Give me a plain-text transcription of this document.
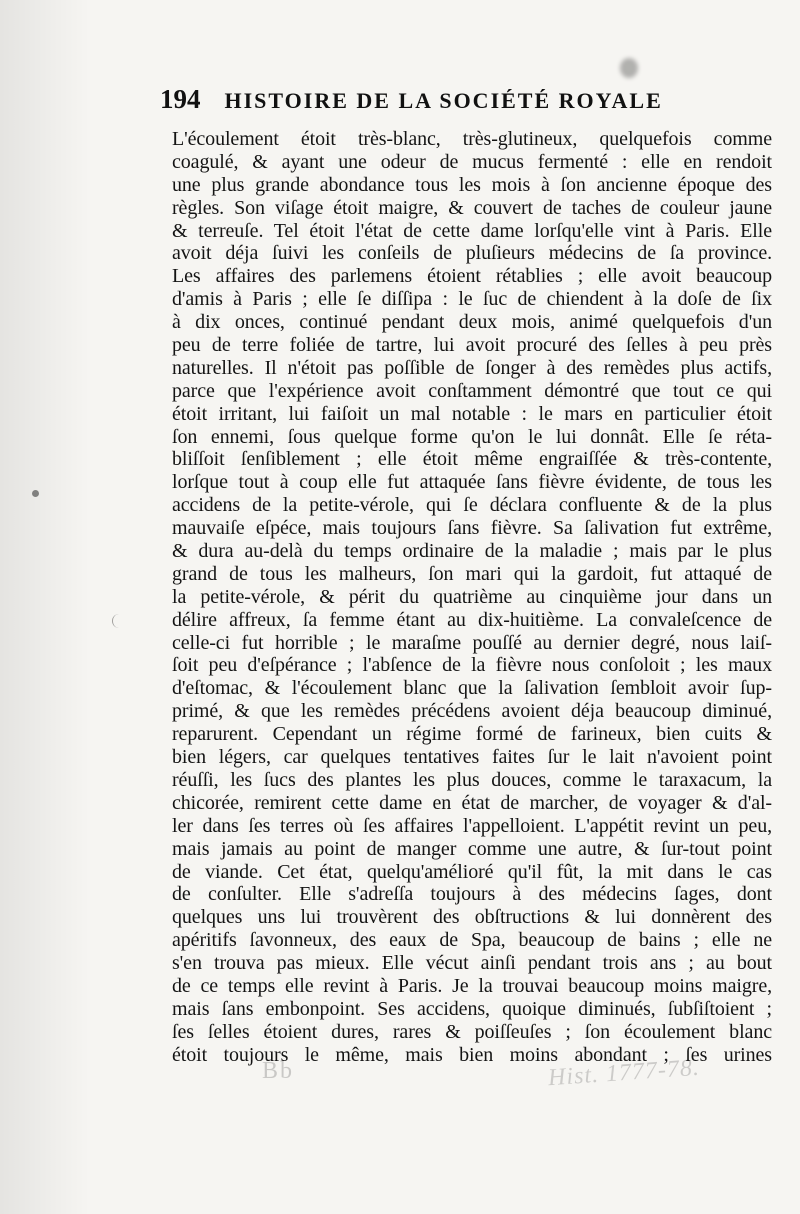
194 HISTOIRE DE LA SOCIÉTÉ ROYALE
L'écoulement étoit très-blanc, très-glutineux, quelquefois comme
coagulé, & ayant une odeur de mucus fermenté : elle en rendoit
une plus grande abondance tous les mois à ſon ancienne époque des
règles. Son viſage étoit maigre, & couvert de taches de couleur jaune
& terreuſe. Tel étoit l'état de cette dame lorſqu'elle vint à Paris. Elle
avoit déja ſuivi les conſeils de pluſieurs médecins de ſa province.
Les affaires des parlemens étoient rétablies ; elle avoit beaucoup
d'amis à Paris ; elle ſe diſſipa : le ſuc de chiendent à la doſe de ſix
à dix onces, continué pendant deux mois, animé quelquefois d'un
peu de terre foliée de tartre, lui avoit procuré des ſelles à peu près
naturelles. Il n'étoit pas poſſible de ſonger à des remèdes plus actifs,
parce que l'expérience avoit conſtamment démontré que tout ce qui
étoit irritant, lui faiſoit un mal notable : le mars en particulier étoit
ſon ennemi, ſous quelque forme qu'on le lui donnât. Elle ſe réta-
bliſſoit ſenſiblement ; elle étoit même engraiſſée & très-contente,
lorſque tout à coup elle fut attaquée ſans fièvre évidente, de tous les
accidens de la petite-vérole, qui ſe déclara confluente & de la plus
mauvaiſe eſpéce, mais toujours ſans fièvre. Sa ſalivation fut extrême,
& dura au-delà du temps ordinaire de la maladie ; mais par le plus
grand de tous les malheurs, ſon mari qui la gardoit, fut attaqué de
la petite-vérole, & périt du quatrième au cinquième jour dans un
délire affreux, ſa femme étant au dix-huitième. La convaleſcence de
celle-ci fut horrible ; le maraſme pouſſé au dernier degré, nous laiſ-
ſoit peu d'eſpérance ; l'abſence de la fièvre nous conſoloit ; les maux
d'eſtomac, & l'écoulement blanc que la ſalivation ſembloit avoir ſup-
primé, & que les remèdes précédens avoient déja beaucoup diminué,
reparurent. Cependant un régime formé de farineux, bien cuits &
bien légers, car quelques tentatives faites ſur le lait n'avoient point
réuſſi, les ſucs des plantes les plus douces, comme le taraxacum, la
chicorée, remirent cette dame en état de marcher, de voyager & d'al-
ler dans ſes terres où ſes affaires l'appelloient. L'appétit revint un peu,
mais jamais au point de manger comme une autre, & ſur-tout point
de viande. Cet état, quelqu'amélioré qu'il fût, la mit dans le cas
de conſulter. Elle s'adreſſa toujours à des médecins ſages, dont
quelques uns lui trouvèrent des obſtructions & lui donnèrent des
apéritifs ſavonneux, des eaux de Spa, beaucoup de bains ; elle ne
s'en trouva pas mieux. Elle vécut ainſi pendant trois ans ; au bout
de ce temps elle revint à Paris. Je la trouvai beaucoup moins maigre,
mais ſans embonpoint. Ses accidens, quoique diminués, ſubſiſtoient ;
ſes ſelles étoient dures, rares & poiſſeuſes ; ſon écoulement blanc
étoit toujours le même, mais bien moins abondant ; ſes urines
Bb	Hist. 1777-78.
